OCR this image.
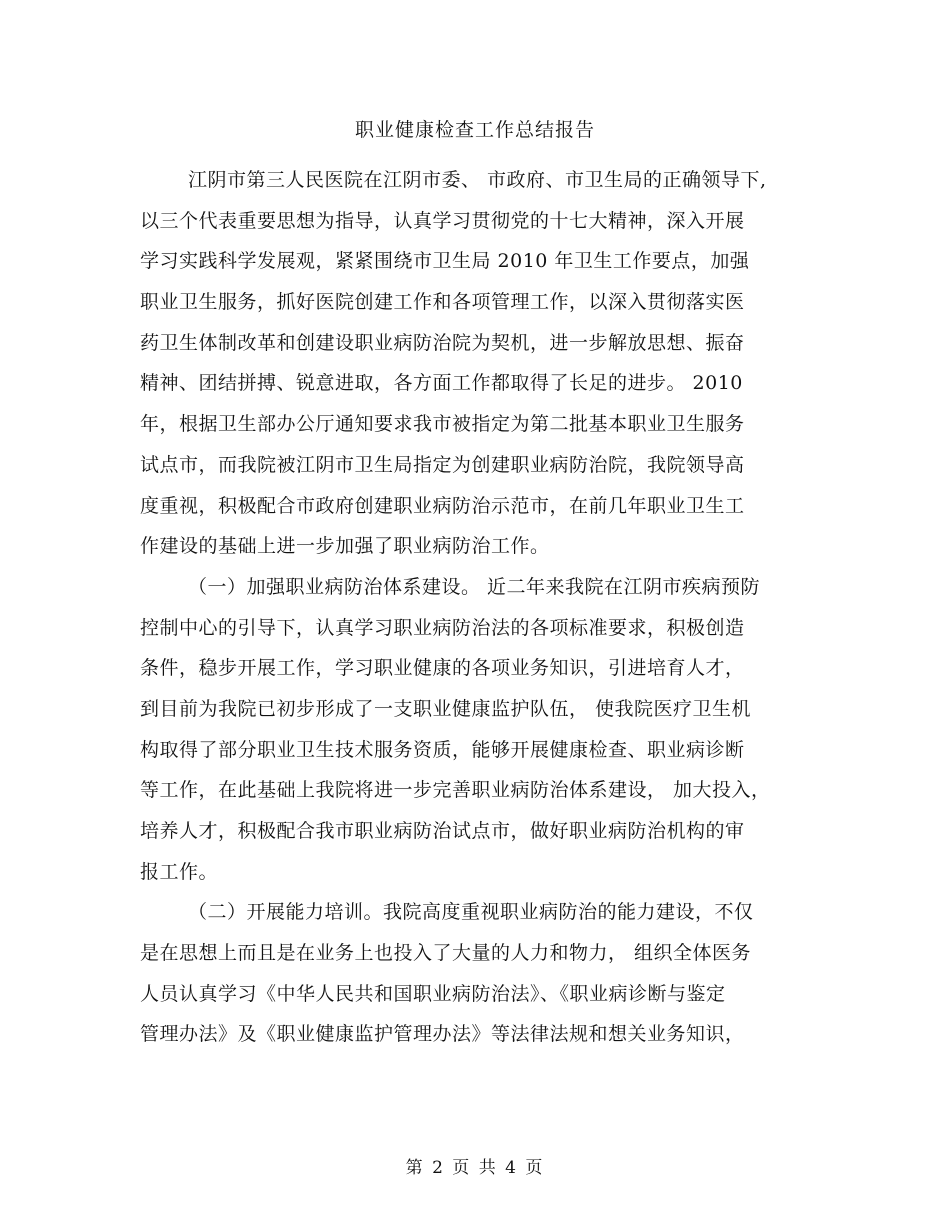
职业健康检查工作总结报告
江阴市第三人民医院在江阴市委、 市政府、市卫生局的正确领导下,
以三个代表重要思想为指导，认真学习贯彻党的十七大精神，深入开展
学习实践科学发展观，紧紧围绕市卫生局 2010 年卫生工作要点，加强
职业卫生服务，抓好医院创建工作和各项管理工作，以深入贯彻落实医
药卫生体制改革和创建设职业病防治院为契机，进一步解放思想、振奋
精神、团结拼搏、锐意进取，各方面工作都取得了长足的进步。 2010
年，根据卫生部办公厅通知要求我市被指定为第二批基本职业卫生服务
试点市，而我院被江阴市卫生局指定为创建职业病防治院，我院领导高
度重视，积极配合市政府创建职业病防治示范市，在前几年职业卫生工
作建设的基础上进一步加强了职业病防治工作。
（一）加强职业病防治体系建设。 近二年来我院在江阴市疾病预防
控制中心的引导下，认真学习职业病防治法的各项标准要求，积极创造
条件，稳步开展工作，学习职业健康的各项业务知识，引进培育人才，
到目前为我院已初步形成了一支职业健康监护队伍， 使我院医疗卫生机
构取得了部分职业卫生技术服务资质，能够开展健康检查、职业病诊断
等工作，在此基础上我院将进一步完善职业病防治体系建设， 加大投入，
培养人才，积极配合我市职业病防治试点市，做好职业病防治机构的审
报工作。
（二）开展能力培训。我院高度重视职业病防治的能力建设，不仅
是在思想上而且是在业务上也投入了大量的人力和物力， 组织全体医务
人员认真学习《中华人民共和国职业病防治法》、《职业病诊断与鉴定
管理办法》及《职业健康监护管理办法》等法律法规和想关业务知识，
第 2 页 共 4 页
